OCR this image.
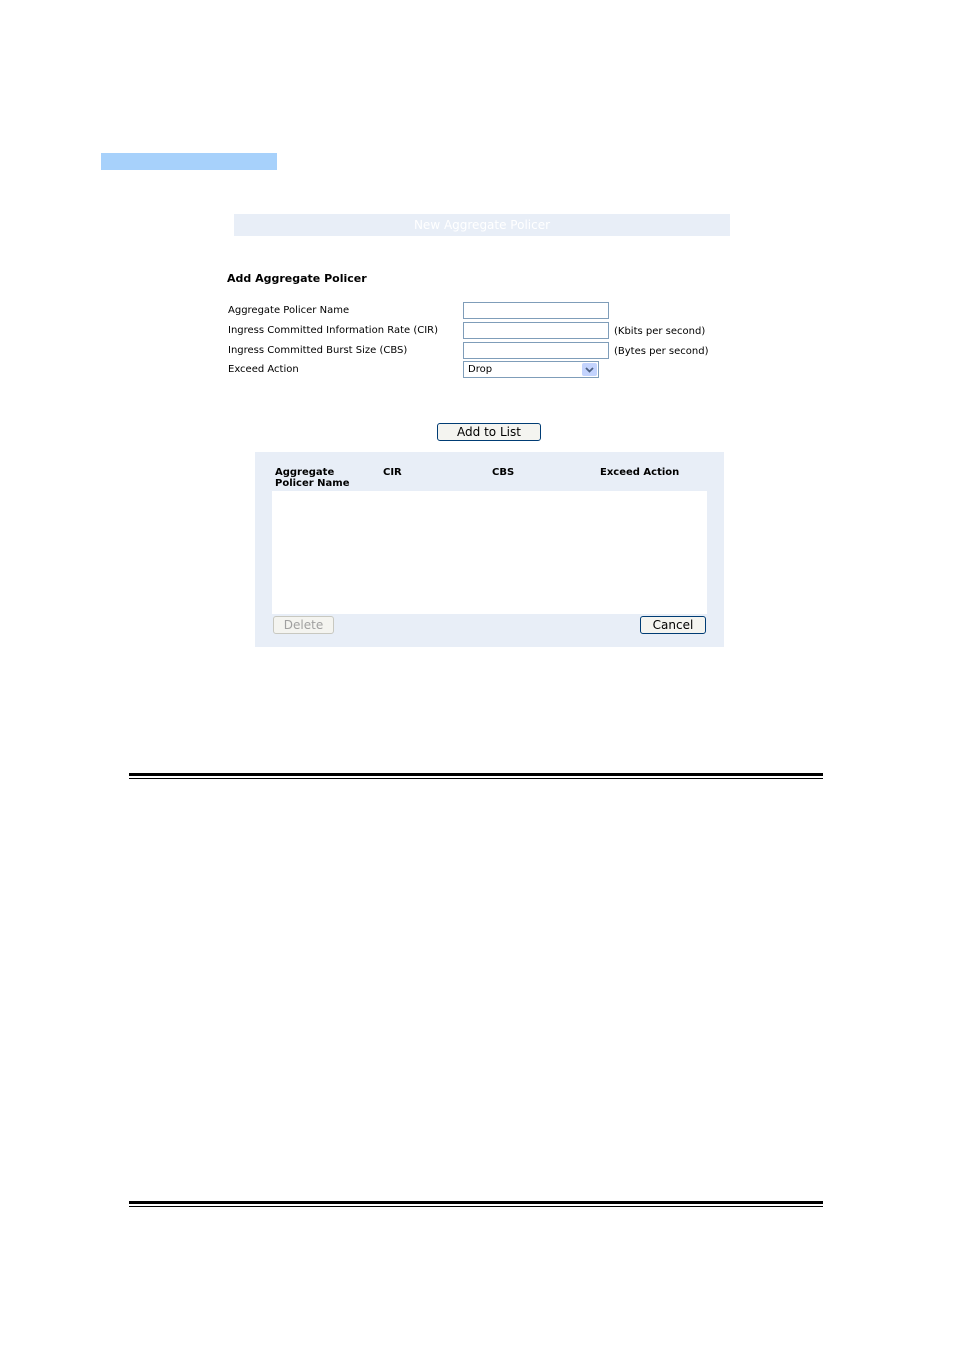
New Aggregate Policer
Add Aggregate Policer
Aggregate Policer Name
Ingress Committed Information Rate (CIR)	(Kbits per second)
Ingress Committed Burst Size (CBS)	(Bytes per second)
Exceed Action	Drop
Add to List
Aggregate
Policer Name
CIR	CBS	Exceed Action
Delete	Cancel
